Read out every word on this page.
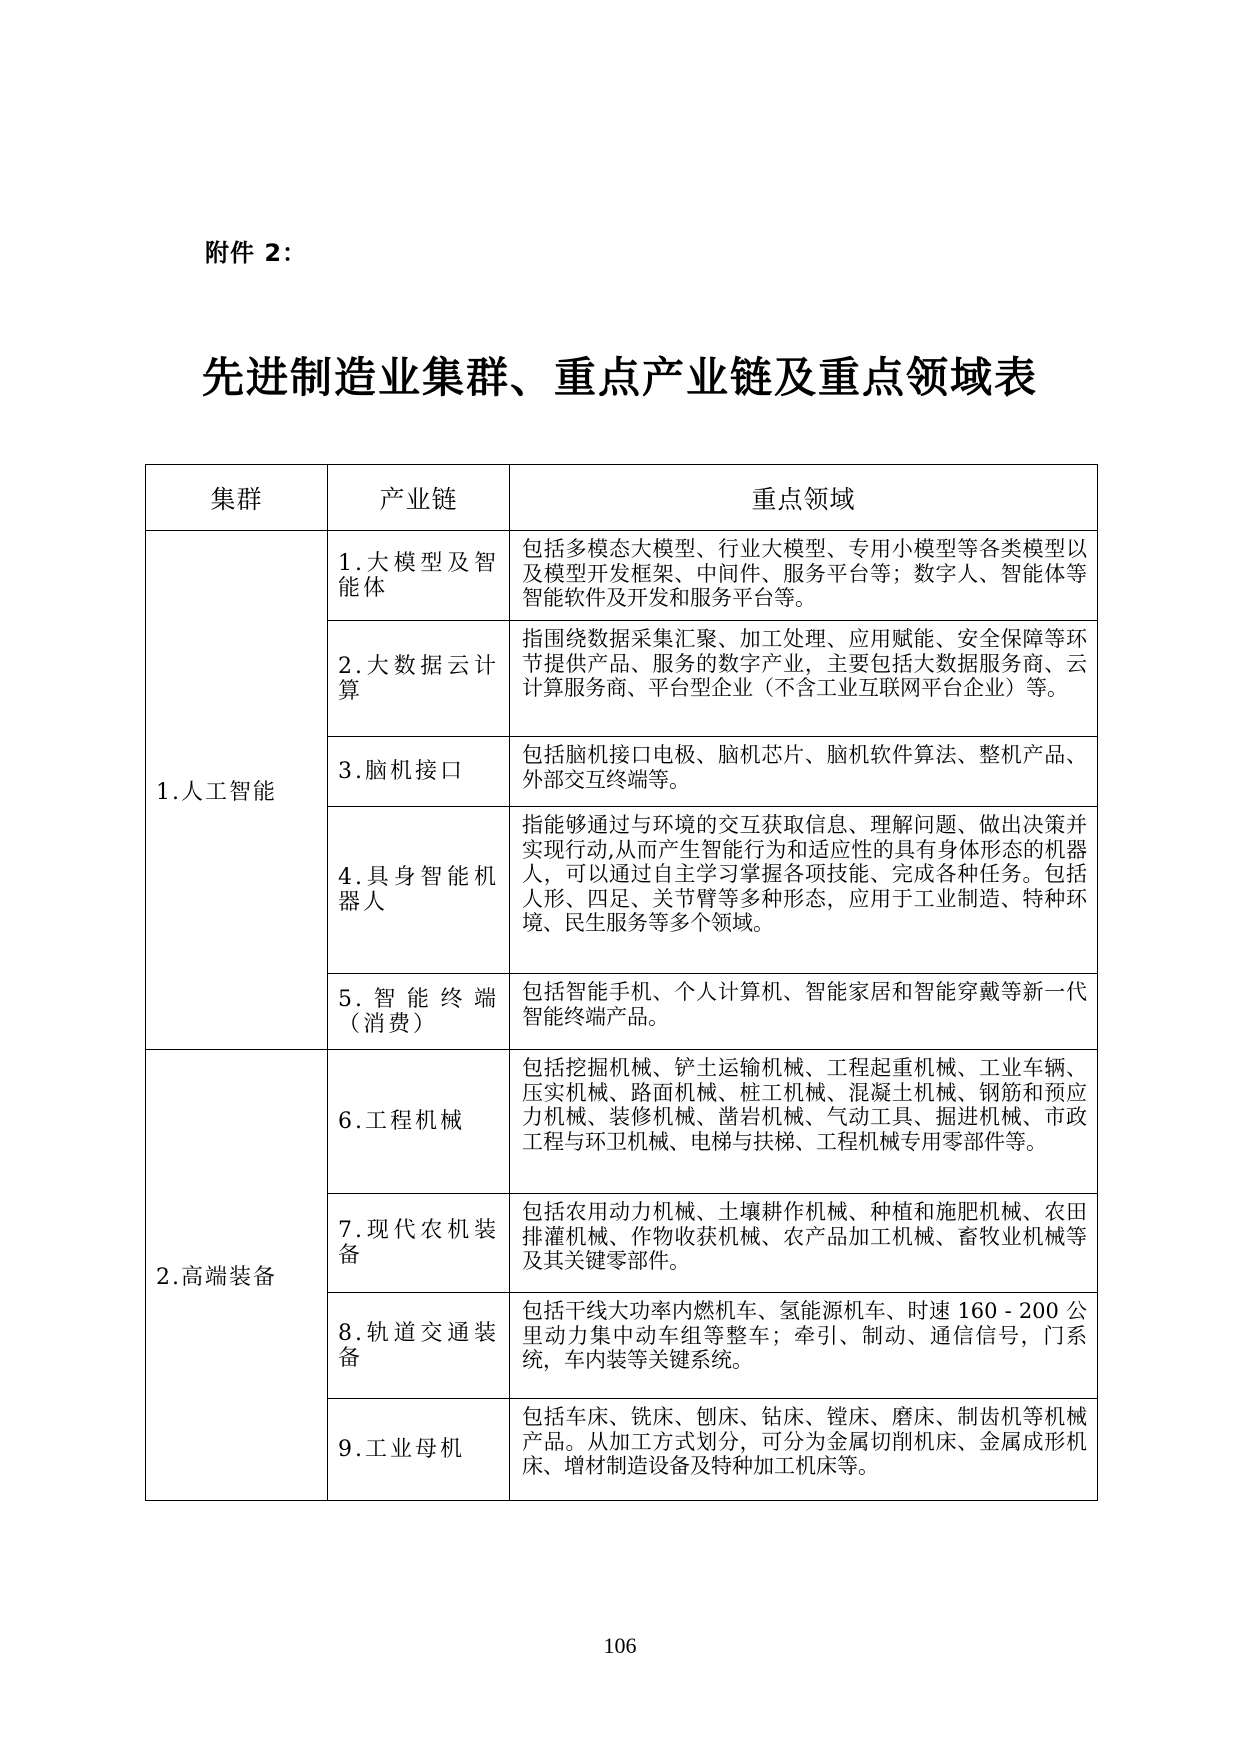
附件 2：
先进制造业集群、重点产业链及重点领域表
集群	产业链	重点领域
1.人工智能	1.大模型及智能体	包括多模态大模型、行业大模型、专用小模型等各类模型以及模型开发框架、中间件、服务平台等；数字人、智能体等智能软件及开发和服务平台等。
	2.大数据云计算	指围绕数据采集汇聚、加工处理、应用赋能、安全保障等环节提供产品、服务的数字产业，主要包括大数据服务商、云计算服务商、平台型企业（不含工业互联网平台企业）等。
	3.脑机接口	包括脑机接口电极、脑机芯片、脑机软件算法、整机产品、外部交互终端等。
	4.具身智能机器人	指能够通过与环境的交互获取信息、理解问题、做出决策并实现行动,从而产生智能行为和适应性的具有身体形态的机器人，可以通过自主学习掌握各项技能、完成各种任务。包括人形、四足、关节臂等多种形态，应用于工业制造、特种环境、民生服务等多个领域。
	5.智能终端（消费）	包括智能手机、个人计算机、智能家居和智能穿戴等新一代智能终端产品。
2.高端装备	6.工程机械	包括挖掘机械、铲土运输机械、工程起重机械、工业车辆、压实机械、路面机械、桩工机械、混凝土机械、钢筋和预应力机械、装修机械、凿岩机械、气动工具、掘进机械、市政工程与环卫机械、电梯与扶梯、工程机械专用零部件等。
	7.现代农机装备	包括农用动力机械、土壤耕作机械、种植和施肥机械、农田排灌机械、作物收获机械、农产品加工机械、畜牧业机械等及其关键零部件。
	8.轨道交通装备	包括干线大功率内燃机车、氢能源机车、时速 160 - 200 公里动力集中动车组等整车；牵引、制动、通信信号，门系统，车内装等关键系统。
	9.工业母机	包括车床、铣床、刨床、钻床、镗床、磨床、制齿机等机械产品。从加工方式划分，可分为金属切削机床、金属成形机床、增材制造设备及特种加工机床等。
106
